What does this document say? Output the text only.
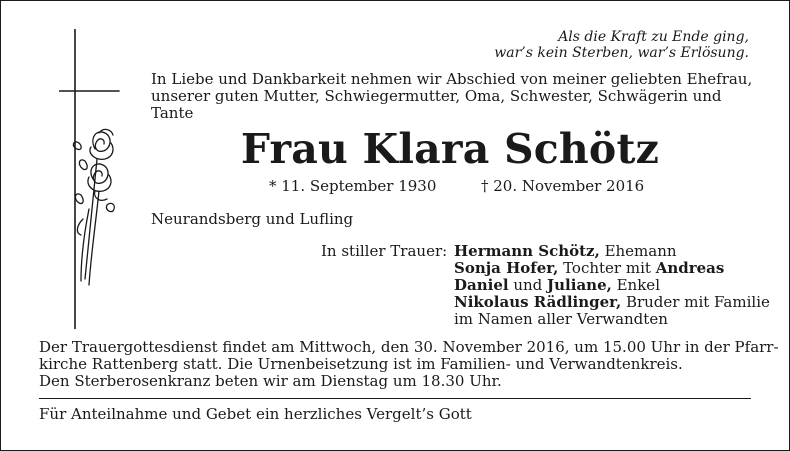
Als die Kraft zu Ende ging,
war’s kein Sterben, war’s Erlösung.
In Liebe und Dankbarkeit nehmen wir Abschied von meiner geliebten Ehefrau,
unserer guten Mutter, Schwiegermutter, Oma, Schwester, Schwägerin und Tante
Frau Klara Schötz
* 11. September 1930	† 20. November 2016
Neurandsberg und Lufling
In stiller Trauer: Hermann Schötz, Ehemann
Sonja Hofer, Tochter mit Andreas
Daniel und Juliane, Enkel
Nikolaus Rädlinger, Bruder mit Familie
im Namen aller Verwandten
Der Trauergottesdienst findet am Mittwoch, den 30. November 2016, um 15.00 Uhr in der Pfarr-
kirche Rattenberg statt. Die Urnenbeisetzung ist im Familien- und Verwandtenkreis.
Den Sterberosenkranz beten wir am Dienstag um 18.30 Uhr.
Für Anteilnahme und Gebet ein herzliches Vergelt’s Gott
